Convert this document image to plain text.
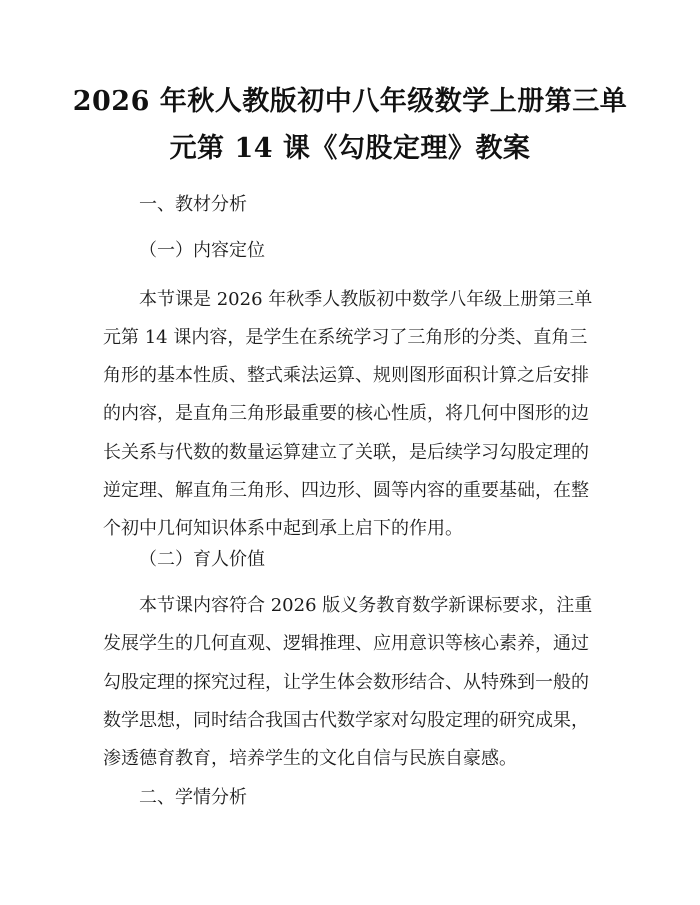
2026 年秋人教版初中八年级数学上册第三单
元第 14 课《勾股定理》教案
一、教材分析
（一）内容定位
本节课是 2026 年秋季人教版初中数学八年级上册第三单
元第 14 课内容，是学生在系统学习了三角形的分类、直角三
角形的基本性质、整式乘法运算、规则图形面积计算之后安排
的内容，是直角三角形最重要的核心性质，将几何中图形的边
长关系与代数的数量运算建立了关联，是后续学习勾股定理的
逆定理、解直角三角形、四边形、圆等内容的重要基础，在整
个初中几何知识体系中起到承上启下的作用。
（二）育人价值
本节课内容符合 2026 版义务教育数学新课标要求，注重
发展学生的几何直观、逻辑推理、应用意识等核心素养，通过
勾股定理的探究过程，让学生体会数形结合、从特殊到一般的
数学思想，同时结合我国古代数学家对勾股定理的研究成果，
渗透德育教育，培养学生的文化自信与民族自豪感。
二、学情分析
